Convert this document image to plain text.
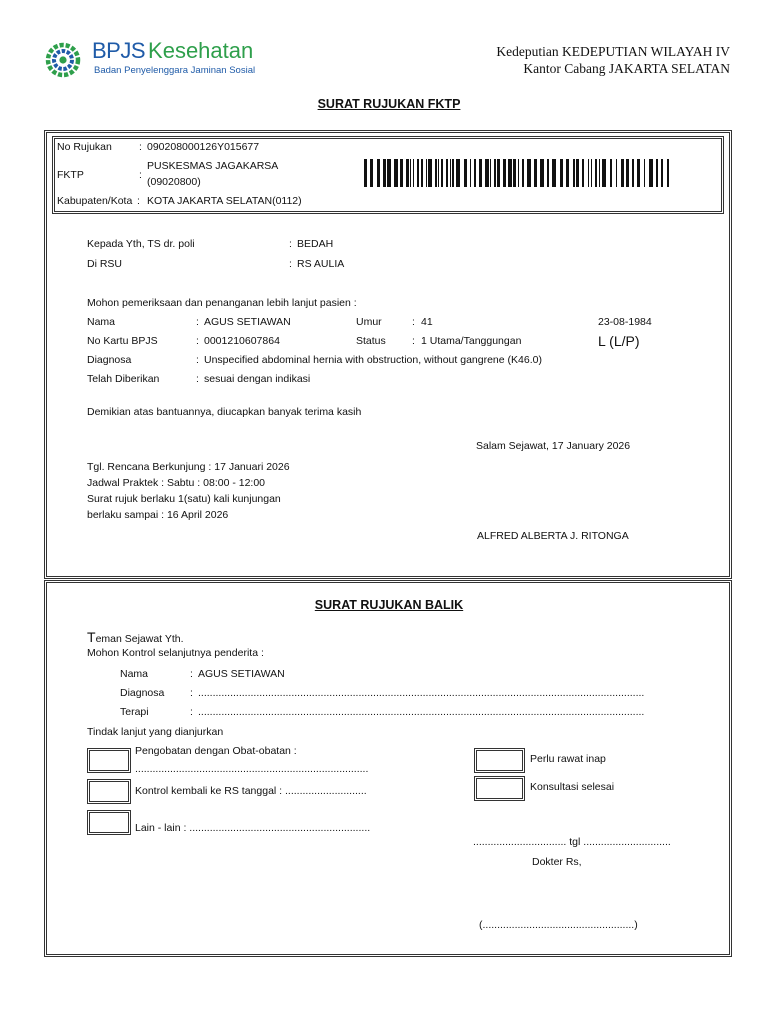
BPJS Kesehatan
Badan Penyelenggara Jaminan Sosial
Kedeputian KEDEPUTIAN WILAYAH IV
Kantor Cabang JAKARTA SELATAN
SURAT RUJUKAN FKTP
No Rujukan	: 090208000126Y015677
FKTP	:
PUSKESMAS JAGAKARSA
(09020800)
Kabupaten/Kota : KOTA JAKARTA SELATAN(0112)
Kepada Yth, TS dr. poli	: BEDAH
Di RSU	: RS AULIA
Mohon pemeriksaan dan penanganan lebih lanjut pasien :
Nama	: AGUS SETIAWAN	Umur	: 41	23-08-1984
No Kartu BPJS	: 0001210607864	Status : 1 Utama/Tanggungan	L (L/P)
Diagnosa	: Unspecified abdominal hernia with obstruction, without gangrene (K46.0)
Telah Diberikan	: sesuai dengan indikasi
Demikian atas bantuannya, diucapkan banyak terima kasih
Salam Sejawat, 17 January 2026
Tgl. Rencana Berkunjung : 17 Januari 2026
Jadwal Praktek : Sabtu : 08:00 - 12:00
Surat rujuk berlaku 1(satu) kali kunjungan
berlaku sampai : 16 April 2026
ALFRED ALBERTA J. RITONGA
SURAT RUJUKAN BALIK
Teman Sejawat Yth.
Mohon Kontrol selanjutnya penderita :
Nama	: AGUS SETIAWAN
Diagnosa : .........................................................................................................................................................
Terapi	: .........................................................................................................................................................
Tindak lanjut yang dianjurkan
Pengobatan dengan Obat-obatan :
................................................................................
Kontrol kembali ke RS tanggal : ............................
Lain - lain : ..............................................................
Perlu rawat inap
Konsultasi selesai
................................ tgl ..............................
Dokter Rs,
(....................................................)
